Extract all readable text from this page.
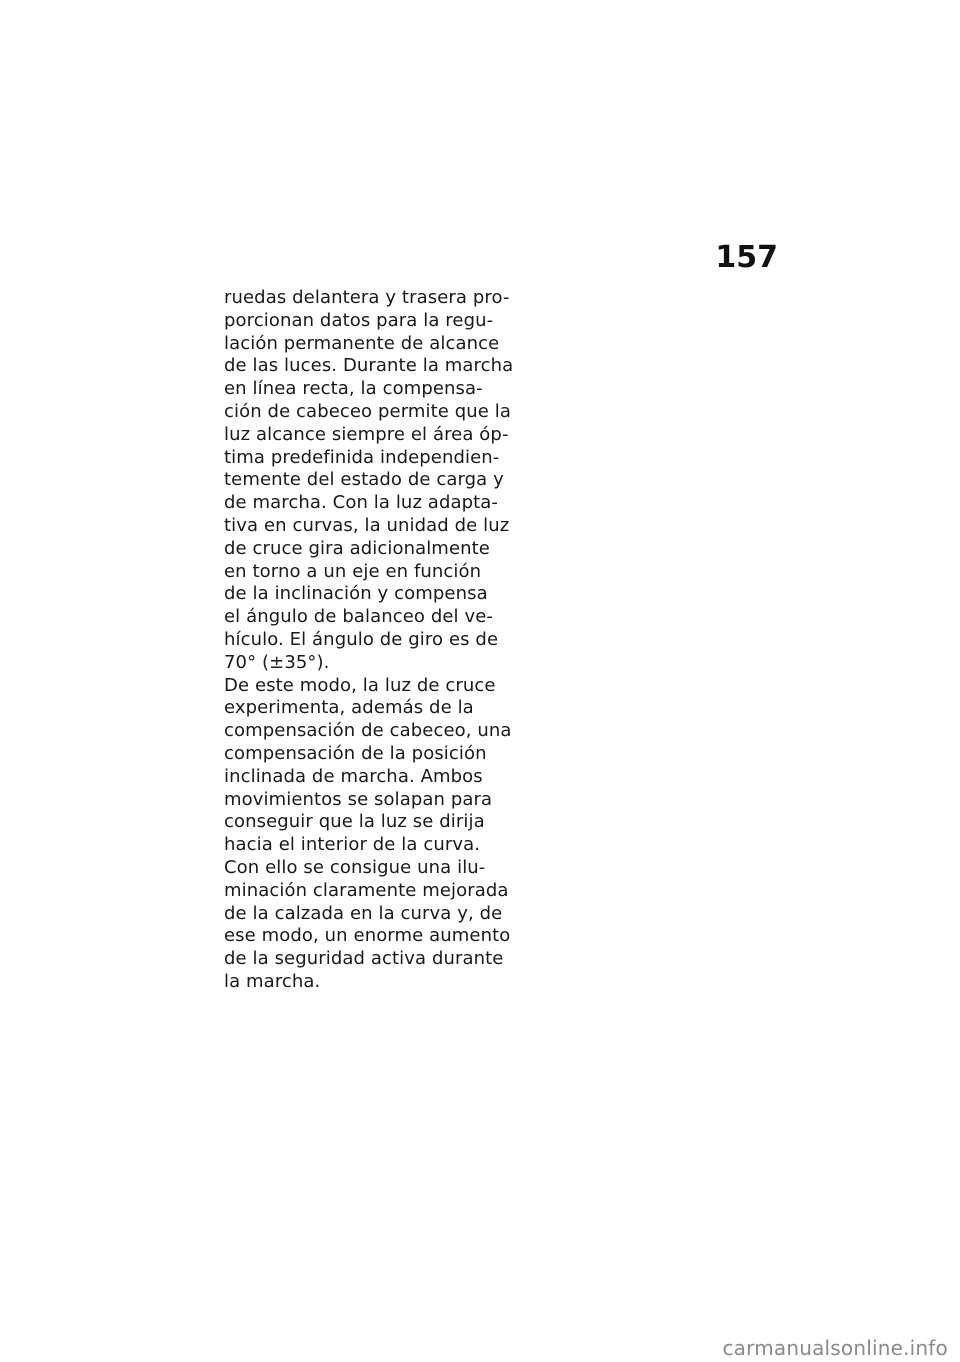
157
ruedas delantera y trasera pro-
porcionan datos para la regu-
lación permanente de alcance
de las luces. Durante la marcha
en línea recta, la compensa-
ción de cabeceo permite que la
luz alcance siempre el área óp-
tima predefinida independien-
temente del estado de carga y
de marcha. Con la luz adapta-
tiva en curvas, la unidad de luz
de cruce gira adicionalmente
en torno a un eje en función
de la inclinación y compensa
el ángulo de balanceo del ve-
hículo. El ángulo de giro es de
70° (±35°).
De este modo, la luz de cruce
experimenta, además de la
compensación de cabeceo, una
compensación de la posición
inclinada de marcha. Ambos
movimientos se solapan para
conseguir que la luz se dirija
hacia el interior de la curva.
Con ello se consigue una ilu-
minación claramente mejorada
de la calzada en la curva y, de
ese modo, un enorme aumento
de la seguridad activa durante
la marcha.
carmanualsonline.info
